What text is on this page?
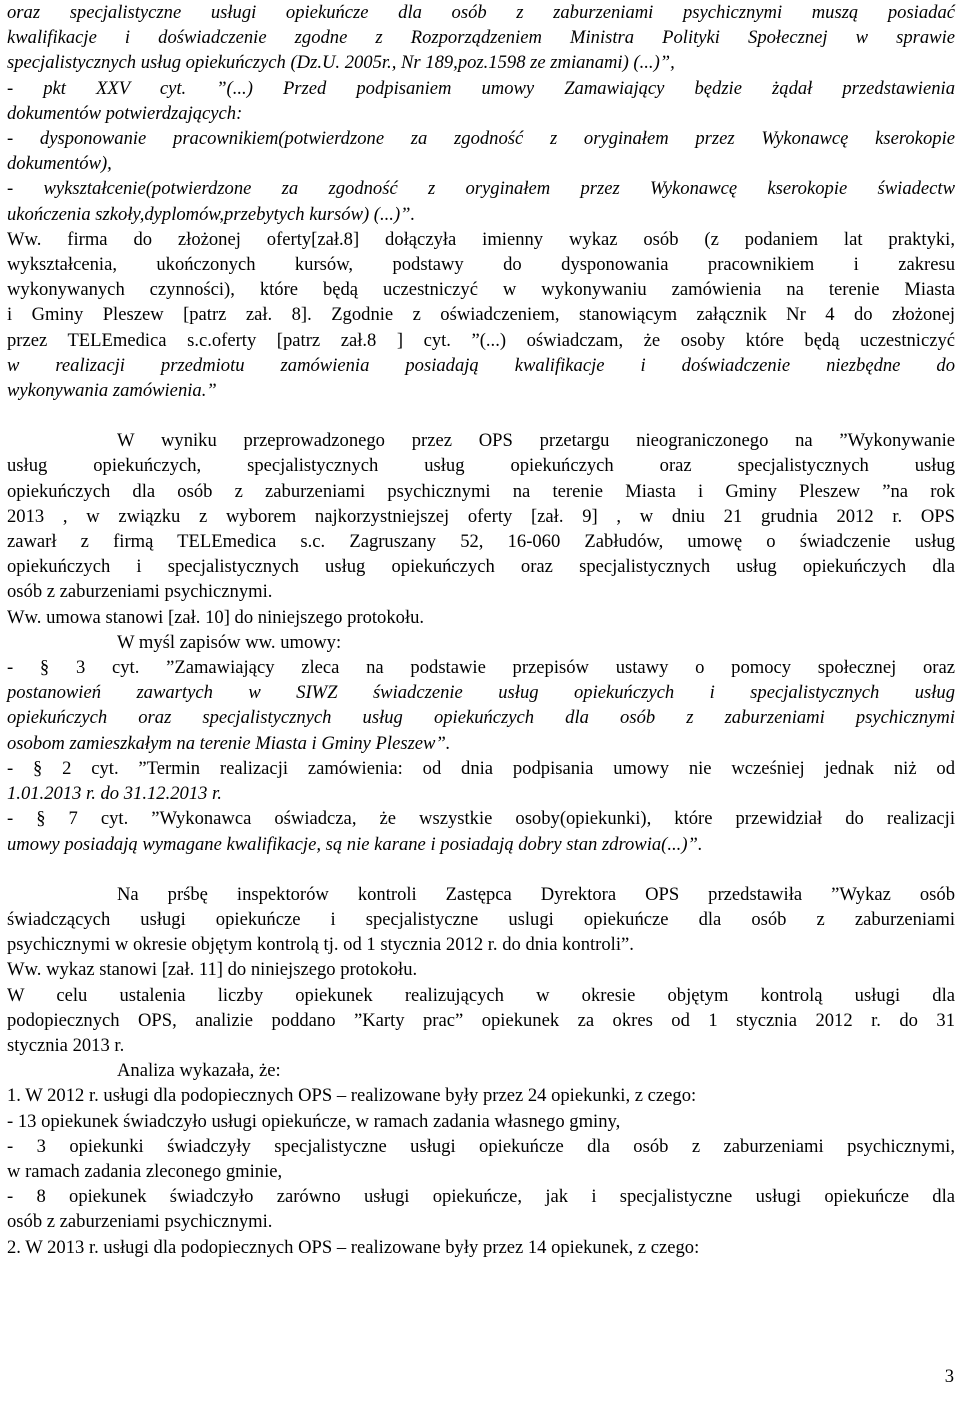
oraz specjalistyczne usługi opiekuńcze dla osób z zaburzeniami psychicznymi muszą posiadać
kwalifikacje i doświadczenie zgodne z Rozporządzeniem Ministra Polityki Społecznej w sprawie
specjalistycznych usług opiekuńczych (Dz.U. 2005r., Nr 189,poz.1598 ze zmianami) (...)”,
- pkt XXV cyt. ”(...) Przed podpisaniem umowy Zamawiający będzie żądał przedstawienia
dokumentów potwierdzających:
- dysponowanie pracownikiem(potwierdzone za zgodność z oryginałem przez Wykonawcę kserokopie
dokumentów),
- wykształcenie(potwierdzone za zgodność z oryginałem przez Wykonawcę kserokopie świadectw
ukończenia szkoły,dyplomów,przebytych kursów) (...)”.
Ww. firma do złożonej oferty[zał.8] dołączyła imienny wykaz osób (z podaniem lat praktyki,
wykształcenia, ukończonych kursów, podstawy do dysponowania pracownikiem i zakresu
wykonywanych czynności), które będą uczestniczyć w wykonywaniu zamówienia na terenie Miasta
i Gminy Pleszew [patrz zał. 8]. Zgodnie z oświadczeniem, stanowiącym załącznik Nr 4 do złożonej
przez TELEmedica s.c.oferty [patrz zał.8 ] cyt. ”(...) oświadczam, że osoby które będą uczestniczyć
w realizacji przedmiotu zamówienia posiadają kwalifikacje i doświadczenie niezbędne do
wykonywania zamówienia.”
W wyniku przeprowadzonego przez OPS przetargu nieograniczonego na ”Wykonywanie
usług opiekuńczych, specjalistycznych usług opiekuńczych oraz specjalistycznych usług
opiekuńczych dla osób z zaburzeniami psychicznymi na terenie Miasta i Gminy Pleszew ”na rok
2013 , w związku z wyborem najkorzystniejszej oferty [zał. 9] , w dniu 21 grudnia 2012 r. OPS
zawarł z firmą TELEmedica s.c. Zagruszany 52, 16-060 Zabłudów, umowę o świadczenie usług
opiekuńczych i specjalistycznych usług opiekuńczych oraz specjalistycznych usług opiekuńczych dla
osób z zaburzeniami psychicznymi.
Ww. umowa stanowi [zał. 10] do niniejszego protokołu.
W myśl zapisów ww. umowy:
- § 3 cyt. ”Zamawiający zleca na podstawie przepisów ustawy o pomocy społecznej oraz
postanowień zawartych w SIWZ świadczenie usług opiekuńczych i specjalistycznych usług
opiekuńczych oraz specjalistycznych usług opiekuńczych dla osób z zaburzeniami psychicznymi
osobom zamieszkałym na terenie Miasta i Gminy Pleszew”.
- § 2 cyt. ”Termin realizacji zamówienia: od dnia podpisania umowy nie wcześniej jednak niż od
1.01.2013 r. do 31.12.2013 r.
- § 7 cyt. ”Wykonawca oświadcza, że wszystkie osoby(opiekunki), które przewidział do realizacji
umowy posiadają wymagane kwalifikacje, są nie karane i posiadają dobry stan zdrowia(...)”.
Na prśbę inspektorów kontroli Zastępca Dyrektora OPS przedstawiła ”Wykaz osób
świadczących usługi opiekuńcze i specjalistyczne uslugi opiekuńcze dla osób z zaburzeniami
psychicznymi w okresie objętym kontrolą tj. od 1 stycznia 2012 r. do dnia kontroli”.
Ww. wykaz stanowi [zał. 11] do niniejszego protokołu.
W celu ustalenia liczby opiekunek realizujących w okresie objętym kontrolą usługi dla
podopiecznych OPS, analizie poddano ”Karty prac” opiekunek za okres od 1 stycznia 2012 r. do 31
stycznia 2013 r.
Analiza wykazała, że:
1. W 2012 r. usługi dla podopiecznych OPS – realizowane były przez 24 opiekunki, z czego:
- 13 opiekunek świadczyło usługi opiekuńcze, w ramach zadania własnego gminy,
- 3 opiekunki świadczyły specjalistyczne usługi opiekuńcze dla osób z zaburzeniami psychicznymi,
w ramach zadania zleconego gminie,
- 8 opiekunek świadczyło zarówno usługi opiekuńcze, jak i specjalistyczne usługi opiekuńcze dla
osób z zaburzeniami psychicznymi.
2. W 2013 r. usługi dla podopiecznych OPS – realizowane były przez 14 opiekunek, z czego:
3
